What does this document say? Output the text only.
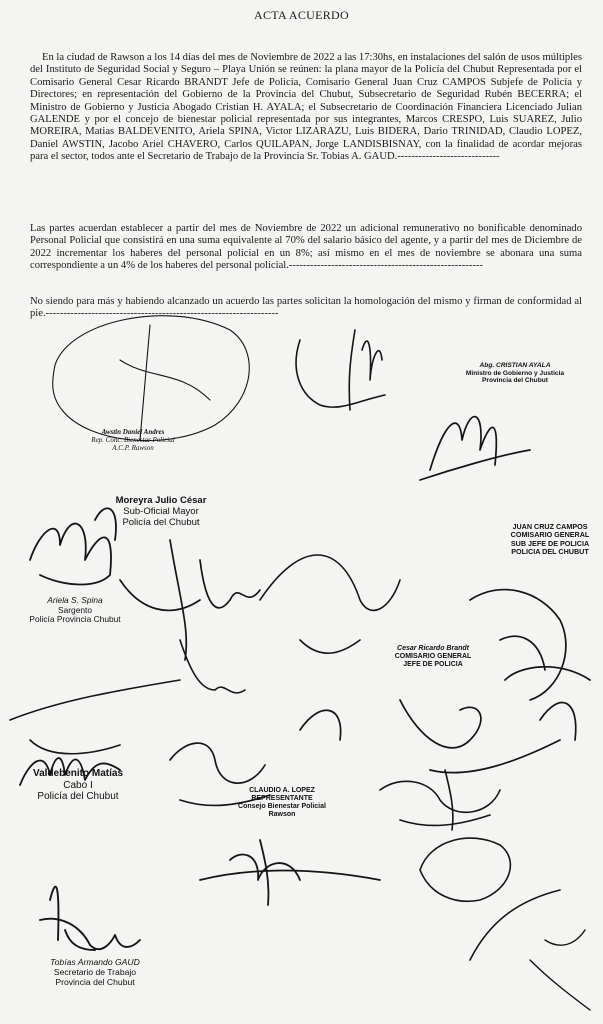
ACTA ACUERDO
En la ciudad de Rawson a los 14 días del mes de Noviembre de 2022 a las 17:30hs, en instalaciones del salón de usos múltiples del Instituto de Seguridad Social y Seguro – Playa Unión se reúnen: la plana mayor de la Policía del Chubut Representada por el Comisario General Cesar Ricardo BRANDT Jefe de Policía, Comisario General Juan Cruz CAMPOS Subjefe de Policía y Directores; en representación del Gobierno de la Provincia del Chubut, Subsecretario de Seguridad Rubén BECERRA; el Ministro de Gobierno y Justicia Abogado Cristian H. AYALA; el Subsecretario de Coordinación Financiera Licenciado Julian GALENDE y por el concejo de bienestar policial representada por sus integrantes, Marcos CRESPO, Luis SUAREZ, Julio MOREIRA, Matias BALDEVENITO, Ariela SPINA, Victor LIZARAZU, Luis BIDERA, Dario TRINIDAD, Claudio LOPEZ, Daniel AWSTIN, Jacobo Ariel CHAVERO, Carlos QUILAPAN, Jorge LANDISBISNAY, con la finalidad de acordar mejoras para el sector, todos ante el Secretario de Trabajo de la Provincia Sr. Tobias A. GAUD.-----------------------------
Las partes acuerdan establecer a partir del mes de Noviembre de 2022 un adicional remunerativo no bonificable denominado Personal Policial que consistirá en una suma equivalente al 70% del salario básico del agente, y a partir del mes de Diciembre de 2022 incrementar los haberes del personal policial en un 8%; así mismo en el mes de noviembre se abonara una suma correspondiente a un 4% de los haberes del personal policial.-------------------------------------------------------
No siendo para más y habiendo alcanzado un acuerdo las partes solicitan la homologación del mismo y firman de conformidad al pie.------------------------------------------------------------------
Awstin Daniel Andres
Rep. Conc. Bienestar Policial
A.C.P. Rawson
Abg. CRISTIAN AYALA
Ministro de Gobierno y Justicia
Provincia del Chubut
Moreyra Julio César
Sub-Oficial Mayor
Policía del Chubut	JUAN CRUZ CAMPOS
COMISARIO GENERAL
SUB JEFE DE POLICIA
POLICIA DEL CHUBUT
Ariela S. Spina
Sargento
Policía Provincia Chubut
Cesar Ricardo Brandt
COMISARIO GENERAL
JEFE DE POLICIA
Valdebenito Matías
Cabo I
Policía del Chubut
CLAUDIO A. LOPEZ
REPRESENTANTE
Consejo Bienestar Policial
Rawson
Tobías Armando GAUD
Secretario de Trabajo
Provincia del Chubut
